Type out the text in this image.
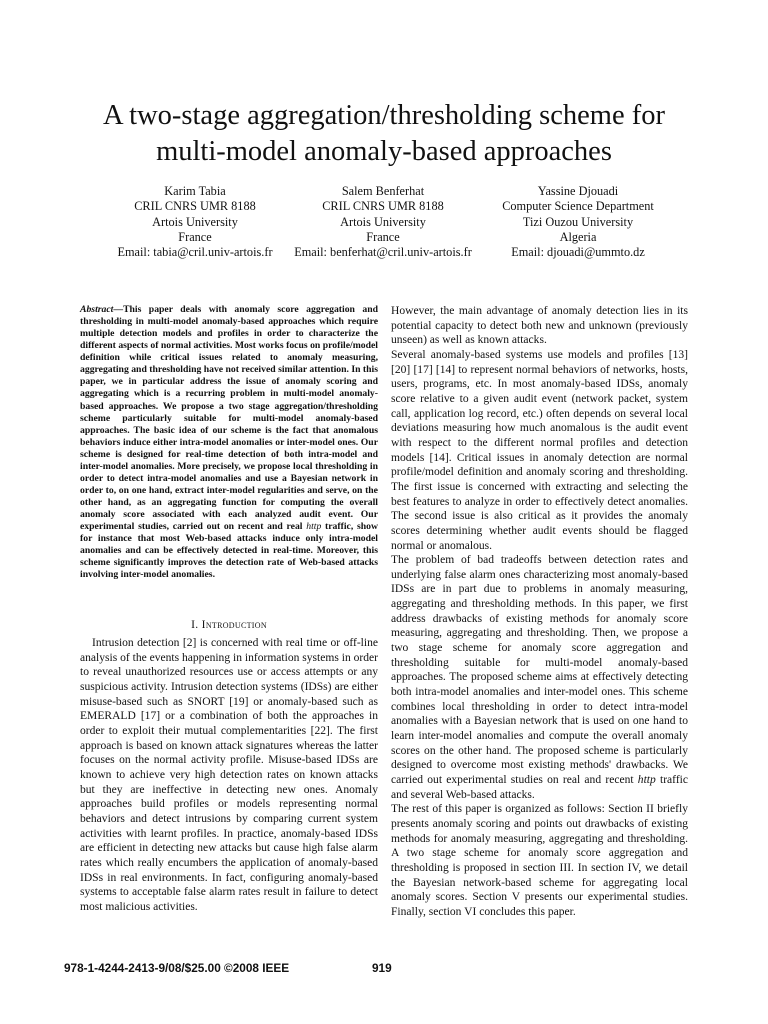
A two-stage aggregation/thresholding scheme for
multi-model anomaly-based approaches
Karim Tabia
CRIL CNRS UMR 8188
Artois University
France
Email: tabia@cril.univ-artois.fr
Salem Benferhat
CRIL CNRS UMR 8188
Artois University
France
Email: benferhat@cril.univ-artois.fr
Yassine Djouadi
Computer Science Department
Tizi Ouzou University
Algeria
Email: djouadi@ummto.dz
Abstract—This paper deals with anomaly score aggregation and thresholding in multi-model anomaly-based approaches which require multiple detection models and profiles in order to characterize the different aspects of normal activities. Most works focus on profile/model definition while critical issues related to anomaly measuring, aggregating and thresholding have not received similar attention. In this paper, we in particular address the issue of anomaly scoring and aggregating which is a recurring problem in multi-model anomaly-based approaches. We propose a two stage aggregation/thresholding scheme particularly suitable for multi-model anomaly-based approaches. The basic idea of our scheme is the fact that anomalous behaviors induce either intra-model anomalies or inter-model ones. Our scheme is designed for real-time detection of both intra-model and inter-model anomalies. More precisely, we propose local thresholding in order to detect intra-model anomalies and use a Bayesian network in order to, on one hand, extract inter-model regularities and serve, on the other hand, as an aggregating function for computing the overall anomaly score associated with each analyzed audit event. Our experimental studies, carried out on recent and real http traffic, show for instance that most Web-based attacks induce only intra-model anomalies and can be effectively detected in real-time. Moreover, this scheme significantly improves the detection rate of Web-based attacks involving inter-model anomalies.
I. Introduction

Intrusion detection [2] is concerned with real time or off-line analysis of the events happening in information systems in order to reveal unauthorized resources use or access attempts or any suspicious activity. Intrusion detection systems (IDSs) are either misuse-based such as SNORT [19] or anomaly-based such as EMERALD [17] or a combination of both the approaches in order to exploit their mutual complementarities [22]. The first approach is based on known attack signatures whereas the latter focuses on the normal activity profile. Misuse-based IDSs are known to achieve very high detection rates on known attacks but they are ineffective in detecting new ones. Anomaly approaches build profiles or models representing normal behaviors and detect intrusions by comparing current system activities with learnt profiles. In practice, anomaly-based IDSs are efficient in detecting new attacks but cause high false alarm rates which really encumbers the application of anomaly-based IDSs in real environments. In fact, configuring anomaly-based systems to acceptable false alarm rates result in failure to detect most malicious activities.

However, the main advantage of anomaly detection lies in its potential capacity to detect both new and unknown (previously unseen) as well as known attacks.

Several anomaly-based systems use models and profiles [13] [20] [17] [14] to represent normal behaviors of networks, hosts, users, programs, etc. In most anomaly-based IDSs, anomaly score relative to a given audit event (network packet, system call, application log record, etc.) often depends on several local deviations measuring how much anomalous is the audit event with respect to the different normal profiles and detection models [14]. Critical issues in anomaly detection are normal profile/model definition and anomaly scoring and thresholding. The first issue is concerned with extracting and selecting the best features to analyze in order to effectively detect anomalies. The second issue is also critical as it provides the anomaly scores determining whether audit events should be flagged normal or anomalous.

The problem of bad tradeoffs between detection rates and underlying false alarm ones characterizing most anomaly-based IDSs are in part due to problems in anomaly measuring, aggregating and thresholding methods. In this paper, we first address drawbacks of existing methods for anomaly score measuring, aggregating and thresholding. Then, we propose a two stage scheme for anomaly score aggregation and thresholding suitable for multi-model anomaly-based approaches. The proposed scheme aims at effectively detecting both intra-model anomalies and inter-model ones. This scheme combines local thresholding in order to detect intra-model anomalies with a Bayesian network that is used on one hand to learn inter-model anomalies and compute the overall anomaly scores on the other hand. The proposed scheme is particularly designed to overcome most existing methods' drawbacks. We carried out experimental studies on real and recent http traffic and several Web-based attacks.

The rest of this paper is organized as follows: Section II briefly presents anomaly scoring and points out drawbacks of existing methods for anomaly measuring, aggregating and thresholding. A two stage scheme for anomaly score aggregation and thresholding is proposed in section III. In section IV, we detail the Bayesian network-based scheme for aggregating local anomaly scores. Section V presents our experimental studies. Finally, section VI concludes this paper.

978-1-4244-2413-9/08/$25.00 ©2008 IEEE	919
